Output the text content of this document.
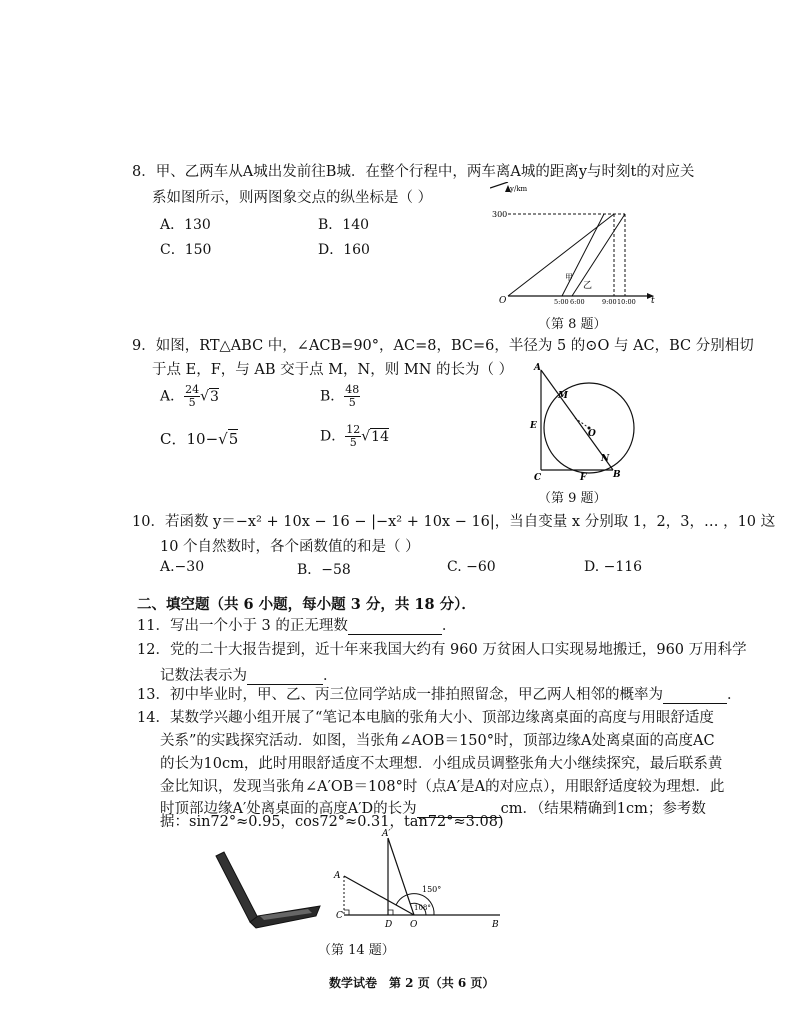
8．甲、乙两车从A城出发前往B城．在整个行程中，两车离A城的距离y与时刻t的对应关
系如图所示，则两图象交点的纵坐标是（ ）
A．130	B．140
C．150	D．160
y/km
300
O	t
5:00 6:00	9:00 10:00
甲
乙
（第 8 题）
9．如图，RT△ABC 中，∠ACB=90°，AC=8，BC=6，半径为 5 的⊙O 与 AC，BC 分别相切
于点 E，F，与 AB 交于点 M，N，则 MN 的长为（ ）
A． $\frac{24}{5} √3$	B． $\frac{48}{5}$
C．10−√5	D． $\frac{12}{5} √14$
A
M
E
O
N
C	F	B
（第 9 题）
10．若函数 y＝−x² + 10x − 16 − |−x² + 10x − 16|，当自变量 x 分别取 1，2，3，… ，10 这
10 个自然数时，各个函数值的和是（ ）
A.−30	B．−58	C. −60	D. −116
二、填空题（共 6 小题，每小题 3 分，共 18 分）．
11．写出一个小于 3 的正无理数	．
12．党的二十大报告提到，近十年来我国大约有 960 万贫困人口实现易地搬迁，960 万用科学
记数法表示为	．
13．初中毕业时，甲、乙、丙三位同学站成一排拍照留念，甲乙两人相邻的概率为	．
14．某数学兴趣小组开展了“笔记本电脑的张角大小、顶部边缘离桌面的高度与用眼舒适度
关系”的实践探究活动．如图，当张角∠AOB＝150°时，顶部边缘A处离桌面的高度AC
的长为10cm，此时用眼舒适度不太理想．小组成员调整张角大小继续探究，最后联系黄
金比知识，发现当张角∠A′OB＝108°时（点A′是A的对应点），用眼舒适度较为理想．此
时顶部边缘A′处离桌面的高度A′D的长为	cm．（结果精确到1cm；参考数
据：sin72°≈0.95，cos72°≈0.31，tan72°≈3.08)
A
A′
C
D O	B
150°
108°
（第 14 题）
数学试卷　第 2 页（共 6 页）
